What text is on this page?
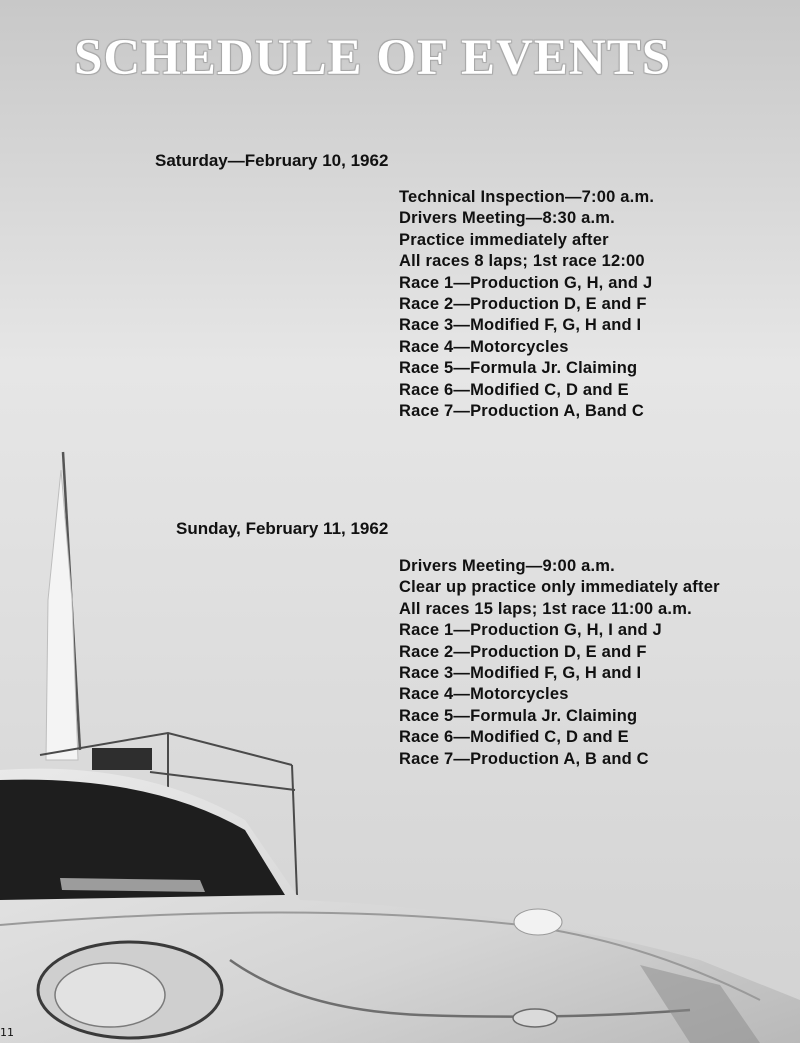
SCHEDULE OF EVENTS
Saturday—February 10, 1962
Technical Inspection—7:00 a.m.
Drivers Meeting—8:30 a.m.
Practice immediately after
All races 8 laps; 1st race 12:00
Race 1—Production G, H, and J
Race 2—Production D, E and F
Race 3—Modified F, G, H and I
Race 4—Motorcycles
Race 5—Formula Jr. Claiming
Race 6—Modified C, D and E
Race 7—Production A, Band C
Sunday, February 11, 1962
Drivers Meeting—9:00 a.m.
Clear up practice only immediately after
All races 15 laps; 1st race 11:00 a.m.
Race 1—Production G, H, I and J
Race 2—Production D, E and F
Race 3—Modified F, G, H and I
Race 4—Motorcycles
Race 5—Formula Jr. Claiming
Race 6—Modified C, D and E
Race 7—Production A, B and C
11
